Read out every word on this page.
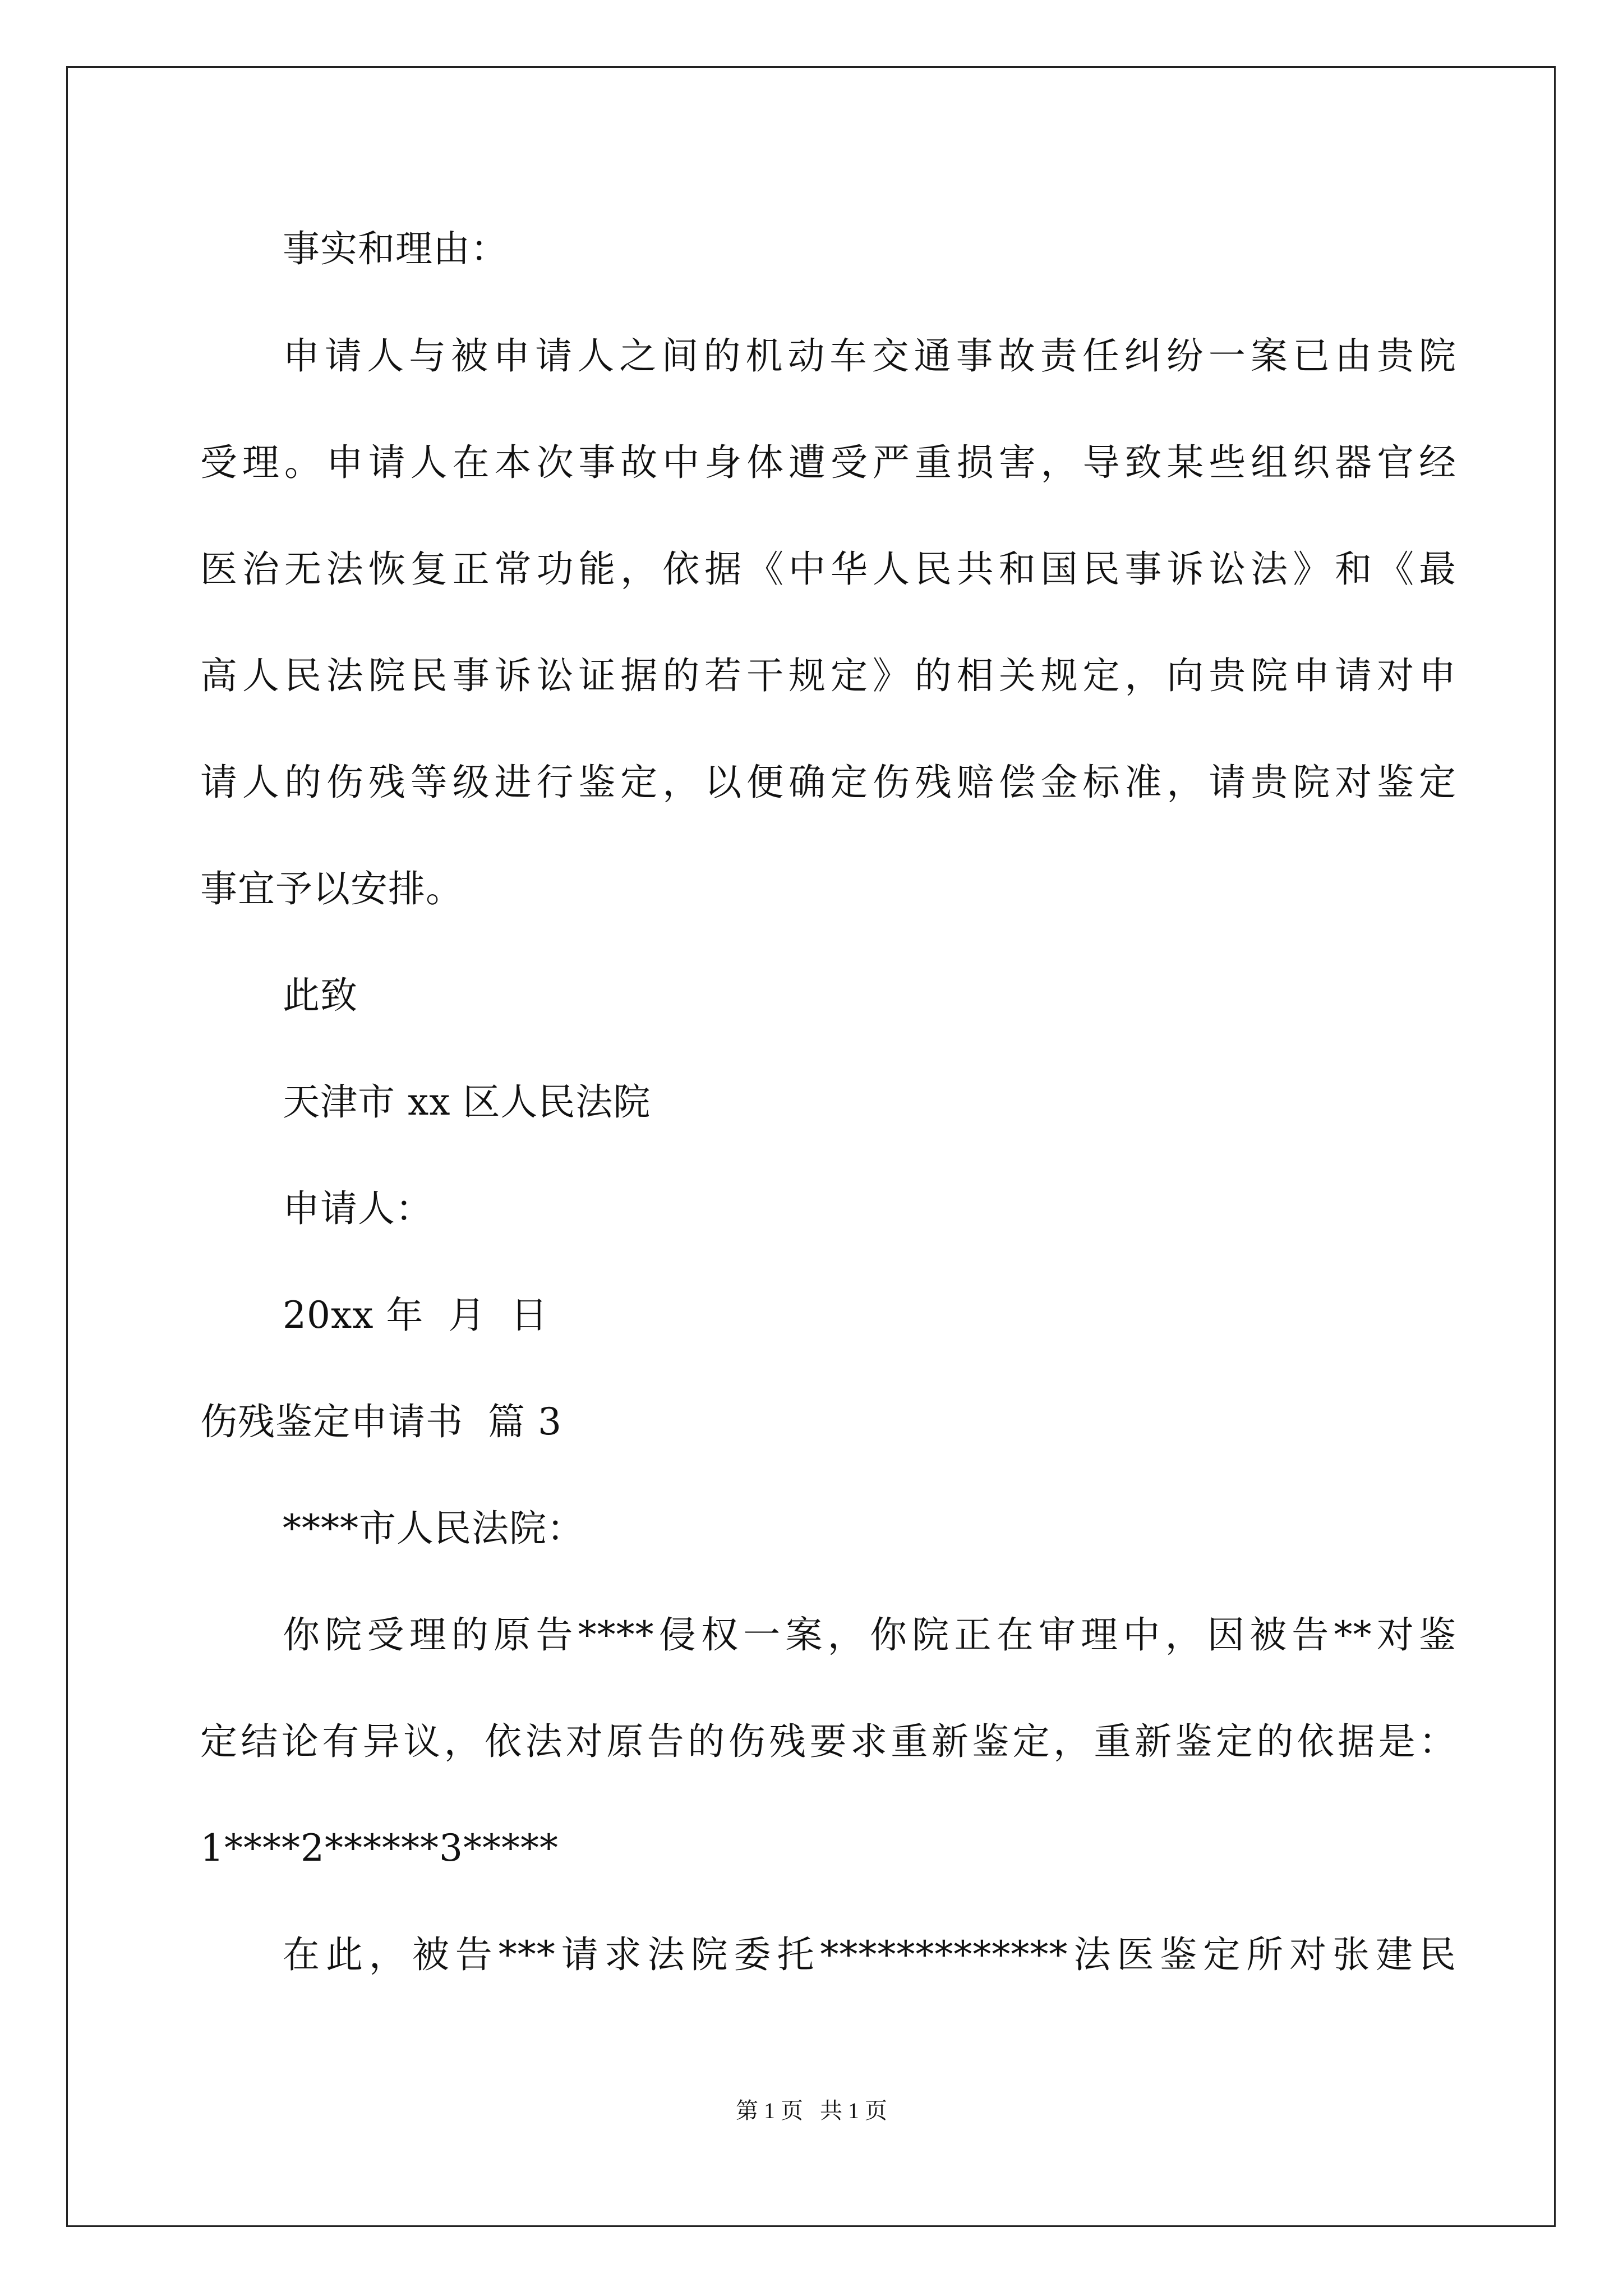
事实和理由：
申请人与被申请人之间的机动车交通事故责任纠纷一案已由贵院
受理。申请人在本次事故中身体遭受严重损害，导致某些组织器官经
医治无法恢复正常功能，依据《中华人民共和国民事诉讼法》和《最
高人民法院民事诉讼证据的若干规定》的相关规定，向贵院申请对申
请人的伤残等级进行鉴定，以便确定伤残赔偿金标准，请贵院对鉴定
事宜予以安排。
此致
天津市 xx 区人民法院
申请人：
20xx 年  月  日
伤残鉴定申请书  篇 3
****市人民法院：
你院受理的原告****侵权一案，你院正在审理中，因被告**对鉴
定结论有异议，依法对原告的伤残要求重新鉴定，重新鉴定的依据是：
1****2******3*****
在此，被告***请求法院委托*************法医鉴定所对张建民
第 1 页   共 1 页
